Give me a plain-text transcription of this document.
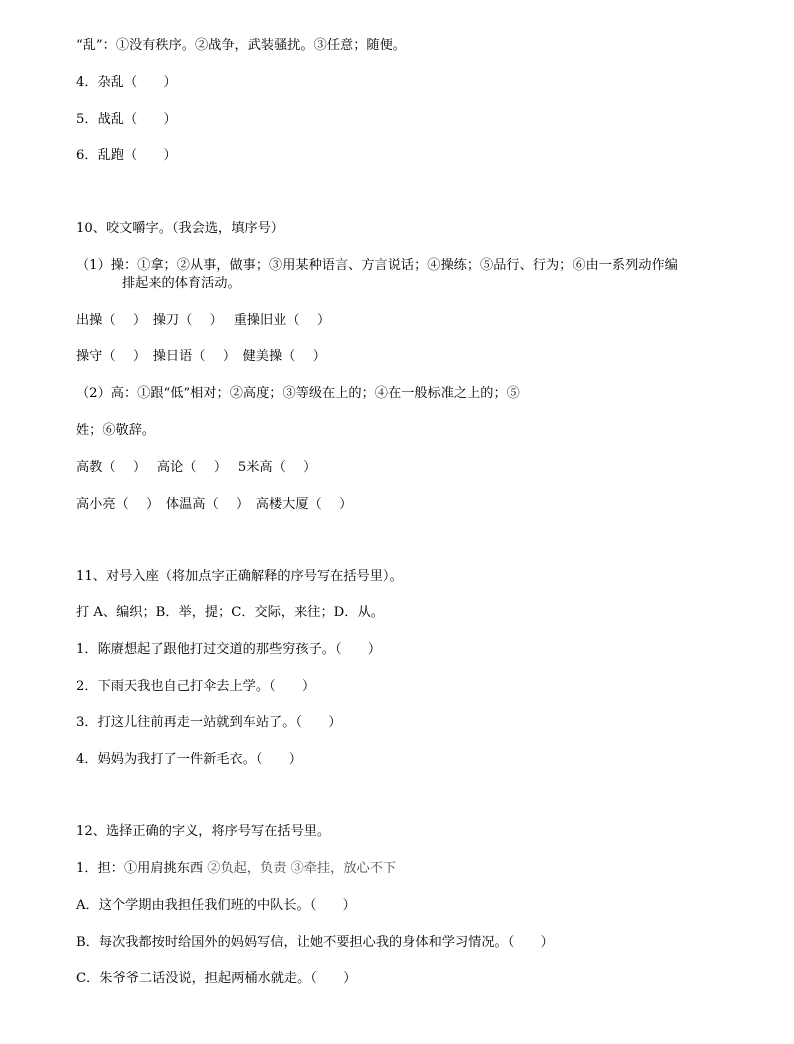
“乱”：①没有秩序。②战争，武装骚扰。③任意；随便。

4．杂乱（　　）

5．战乱（　　）

6．乱跑（　　）

10、咬文嚼字。（我会选，填序号）

（1）操：①拿；②从事，做事；③用某种语言、方言说话；④操练；⑤品行、行为；⑥由一系列动作编

排起来的体育活动。

出操（　 ）　操刀（　 ）　 重操旧业（　 ）

操守（　 ）　操日语（　 ）　健美操（　 ）

（2）高：①跟“低”相对；②高度；③等级在上的；④在一般标准之上的；⑤

姓；⑥敬辞。

高教（　 ）　 高论（　 ）　 5米高（　 ）

高小亮（　 ）　体温高（　 ）　高楼大厦（　 ）

11、对号入座（将加点字正确解释的序号写在括号里）。

打 A、编织；B．举，提；C．交际，来往；D．从。

1．陈赓想起了跟他打过交道的那些穷孩子。（　　）

2．下雨天我也自己打伞去上学。（　　）

3．打这儿往前再走一站就到车站了。（　　）

4．妈妈为我打了一件新毛衣。（　　）

12、选择正确的字义，将序号写在括号里。

1．担：①用肩挑东西 ②负起，负责 ③牵挂，放心不下

A．这个学期由我担任我们班的中队长。（　　）

B．每次我都按时给国外的妈妈写信，让她不要担心我的身体和学习情况。（　　）

C．朱爷爷二话没说，担起两桶水就走。（　　）
